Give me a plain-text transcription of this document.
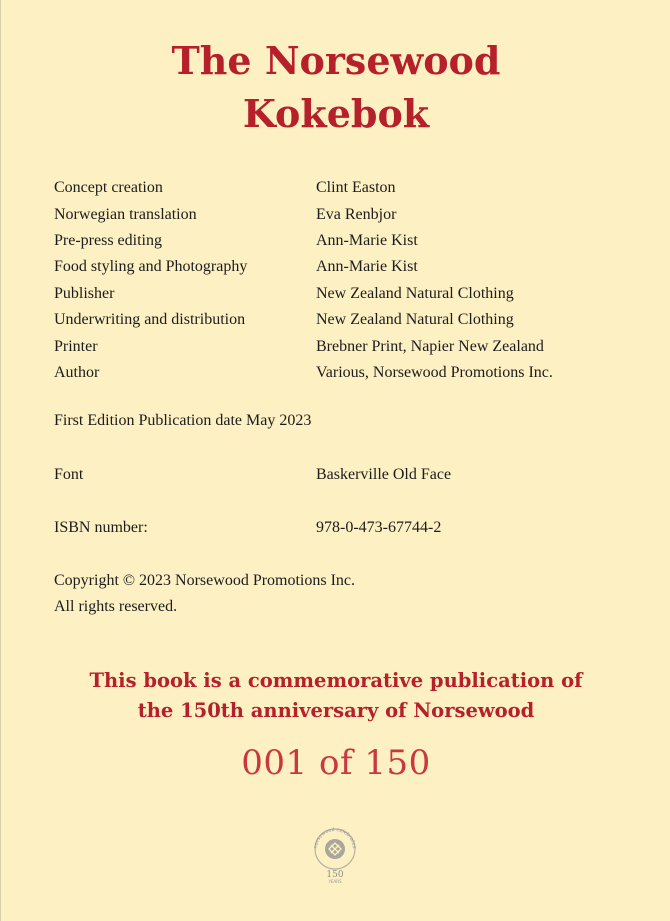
The Norsewood
Kokebok
Concept creation	Clint Easton
Norwegian translation	Eva Renbjor
Pre-press editing	Ann-Marie Kist
Food styling and Photography	Ann-Marie Kist
Publisher	New Zealand Natural Clothing
Underwriting and distribution	New Zealand Natural Clothing
Printer	Brebner Print, Napier New Zealand
Author	Various, Norsewood Promotions Inc.
First Edition Publication date May 2023
Font	Baskerville Old Face
ISBN number:	978-0-473-67744-2
Copyright © 2023 Norsewood Promotions Inc.
All rights reserved.
This book is a commemorative publication of
the 150th anniversary of Norsewood
001 of 150
norsewood celebrates
150
YEARS
